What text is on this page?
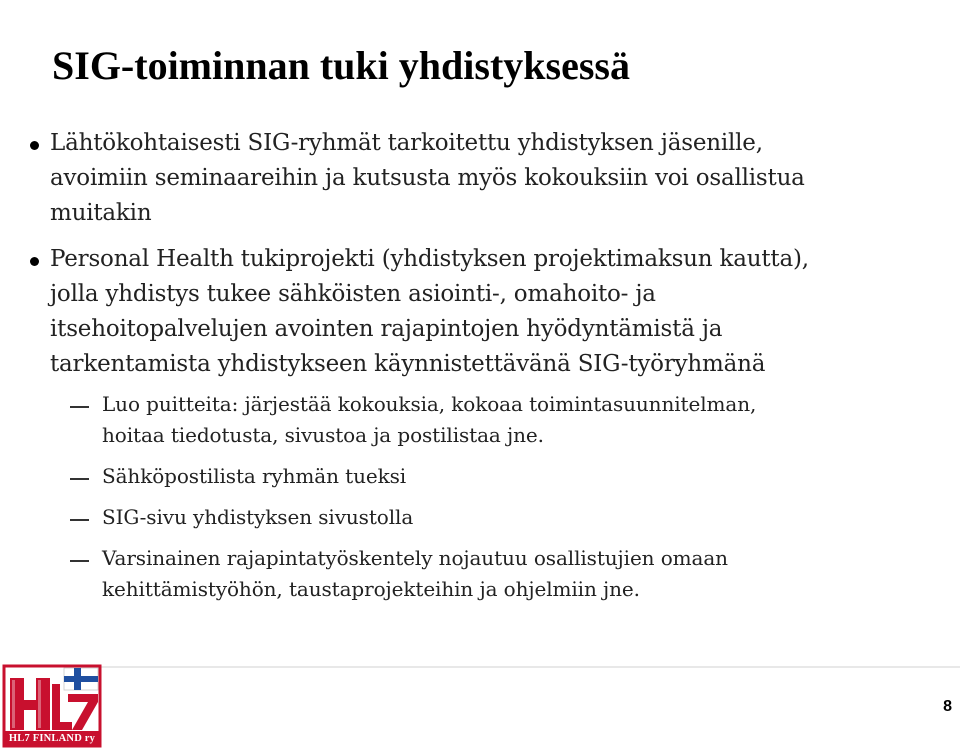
SIG-toiminnan tuki yhdistyksessä
Lähtökohtaisesti SIG-ryhmät tarkoitettu yhdistyksen jäsenille,
avoimiin seminaareihin ja kutsusta myös kokouksiin voi osallistua
muitakin
Personal Health tukiprojekti (yhdistyksen projektimaksun kautta),
jolla yhdistys tukee sähköisten asiointi-, omahoito- ja
itsehoitopalvelujen avointen rajapintojen hyödyntämistä ja
tarkentamista yhdistykseen käynnistettävänä SIG-työryhmänä
Luo puitteita: järjestää kokouksia, kokoaa toimintasuunnitelman,
hoitaa tiedotusta, sivustoa ja postilistaa jne.
Sähköpostilista ryhmän tueksi
SIG-sivu yhdistyksen sivustolla
Varsinainen rajapintatyöskentely nojautuu osallistujien omaan
kehittämistyöhön, taustaprojekteihin ja ohjelmiin jne.
HL7 FINLAND ry
8
